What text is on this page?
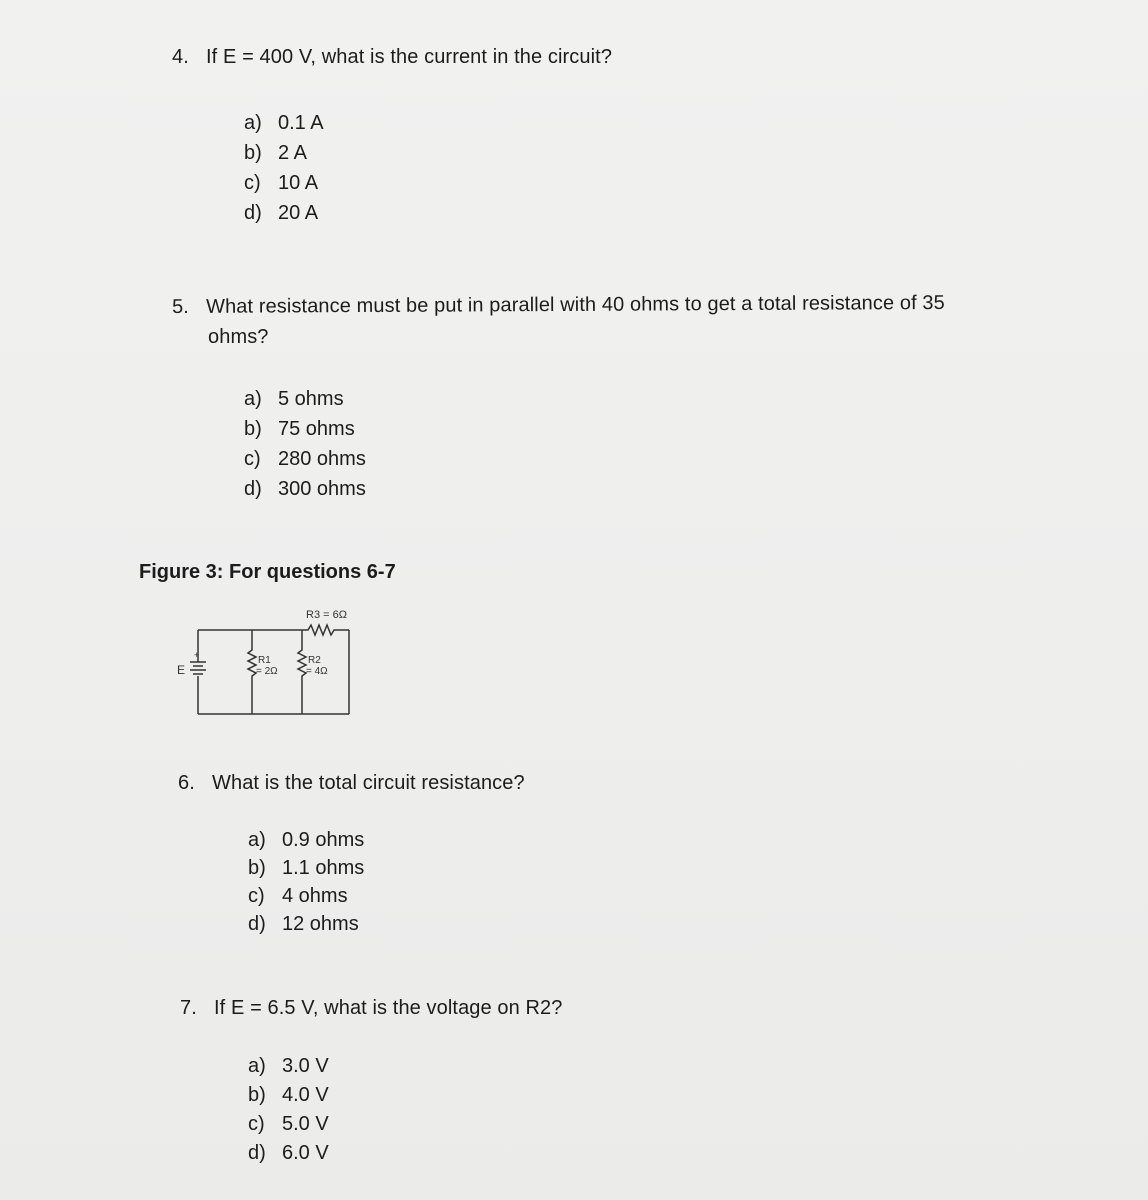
4. If E = 400 V, what is the current in the circuit?
a) 0.1 A
b) 2 A
c) 10 A
d) 20 A
5. What resistance must be put in parallel with 40 ohms to get a total resistance of 35
ohms?
a) 5 ohms
b) 75 ohms
c) 280 ohms
d) 300 ohms
Figure 3: For questions 6-7
R3 = 6Ω
+
E
R1
= 2Ω
R2
= 4Ω
6. What is the total circuit resistance?
a) 0.9 ohms
b) 1.1 ohms
c) 4 ohms
d) 12 ohms
7. If E = 6.5 V, what is the voltage on R2?
a) 3.0 V
b) 4.0 V
c) 5.0 V
d) 6.0 V
